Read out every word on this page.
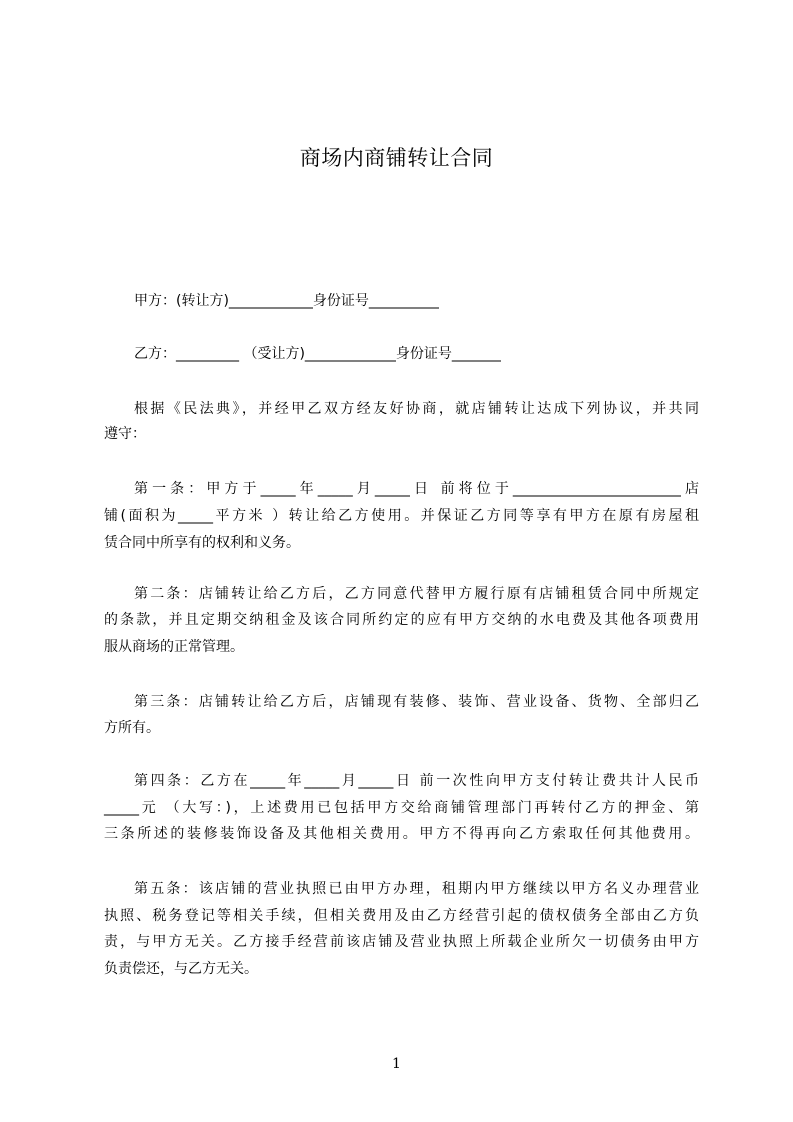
商场内商铺转让合同
甲方：(转让方)____________身份证号__________
乙方：_________ （受让方)_____________身份证号_______
根据《民法典》，并经甲乙双方经友好协商，就店铺转让达成下列协议，并共同
遵守：
第一条：甲方于_____年_____月_____日 前将位于________________________店
铺(面积为_____平方米 ）转让给乙方使用。并保证乙方同等享有甲方在原有房屋租
赁合同中所享有的权利和义务。
第二条：店铺转让给乙方后，乙方同意代替甲方履行原有店铺租赁合同中所规定
的条款，并且定期交纳租金及该合同所约定的应有甲方交纳的水电费及其他各项费用
服从商场的正常管理。
第三条：店铺转让给乙方后，店铺现有装修、装饰、营业设备、货物、全部归乙
方所有。
第四条：乙方在_____年_____月_____日 前一次性向甲方支付转让费共计人民币
_____元 （大写：)，上述费用已包括甲方交给商铺管理部门再转付乙方的押金、第
三条所述的装修装饰设备及其他相关费用。甲方不得再向乙方索取任何其他费用。
第五条：该店铺的营业执照已由甲方办理，租期内甲方继续以甲方名义办理营业
执照、税务登记等相关手续，但相关费用及由乙方经营引起的债权债务全部由乙方负
责，与甲方无关。乙方接手经营前该店铺及营业执照上所载企业所欠一切债务由甲方
负责偿还，与乙方无关。
1
